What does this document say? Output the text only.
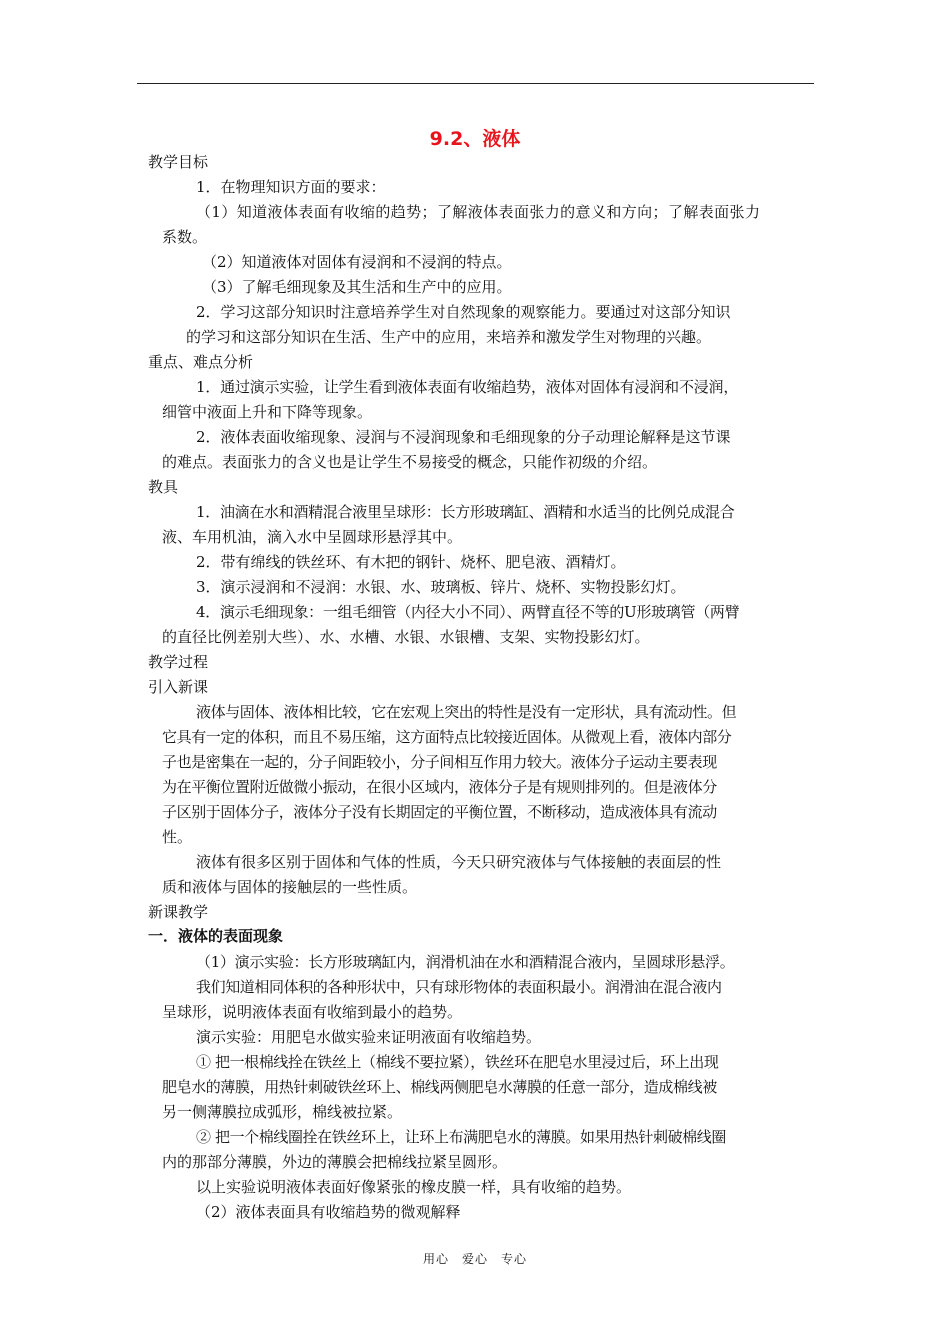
9.2、液体
教学目标
1．在物理知识方面的要求：
（1）知道液体表面有收缩的趋势；了解液体表面张力的意义和方向；了解表面张力
系数。
（2）知道液体对固体有浸润和不浸润的特点。
（3）了解毛细现象及其生活和生产中的应用。
2．学习这部分知识时注意培养学生对自然现象的观察能力。要通过对这部分知识
的学习和这部分知识在生活、生产中的应用，来培养和激发学生对物理的兴趣。
重点、难点分析
1．通过演示实验，让学生看到液体表面有收缩趋势，液体对固体有浸润和不浸润，
细管中液面上升和下降等现象。
2．液体表面收缩现象、浸润与不浸润现象和毛细现象的分子动理论解释是这节课
的难点。表面张力的含义也是让学生不易接受的概念，只能作初级的介绍。
教具
1．油滴在水和酒精混合液里呈球形：长方形玻璃缸、酒精和水适当的比例兑成混合
液、车用机油，滴入水中呈圆球形悬浮其中。
2．带有绵线的铁丝环、有木把的钢针、烧杯、肥皂液、酒精灯。
3．演示浸润和不浸润：水银、水、玻璃板、锌片、烧杯、实物投影幻灯。
4．演示毛细现象：一组毛细管（内径大小不同）、两臂直径不等的U形玻璃管（两臂
的直径比例差别大些）、水、水槽、水银、水银槽、支架、实物投影幻灯。
教学过程
引入新课
液体与固体、液体相比较，它在宏观上突出的特性是没有一定形状，具有流动性。但
它具有一定的体积，而且不易压缩，这方面特点比较接近固体。从微观上看，液体内部分
子也是密集在一起的，分子间距较小，分子间相互作用力较大。液体分子运动主要表现
为在平衡位置附近做微小振动，在很小区域内，液体分子是有规则排列的。但是液体分
子区别于固体分子，液体分子没有长期固定的平衡位置，不断移动，造成液体具有流动
性。
液体有很多区别于固体和气体的性质，今天只研究液体与气体接触的表面层的性
质和液体与固体的接触层的一些性质。
新课教学
一．液体的表面现象
（1）演示实验：长方形玻璃缸内，润滑机油在水和酒精混合液内，呈圆球形悬浮。
我们知道相同体积的各种形状中，只有球形物体的表面积最小。润滑油在混合液内
呈球形，说明液体表面有收缩到最小的趋势。
演示实验：用肥皂水做实验来证明液面有收缩趋势。
① 把一根棉线拴在铁丝上（棉线不要拉紧），铁丝环在肥皂水里浸过后，环上出现
肥皂水的薄膜，用热针刺破铁丝环上、棉线两侧肥皂水薄膜的任意一部分，造成棉线被
另一侧薄膜拉成弧形，棉线被拉紧。
② 把一个棉线圈拴在铁丝环上，让环上布满肥皂水的薄膜。如果用热针刺破棉线圈
内的那部分薄膜，外边的薄膜会把棉线拉紧呈圆形。
以上实验说明液体表面好像紧张的橡皮膜一样，具有收缩的趋势。
（2）液体表面具有收缩趋势的微观解释
用心　爱心　专心
